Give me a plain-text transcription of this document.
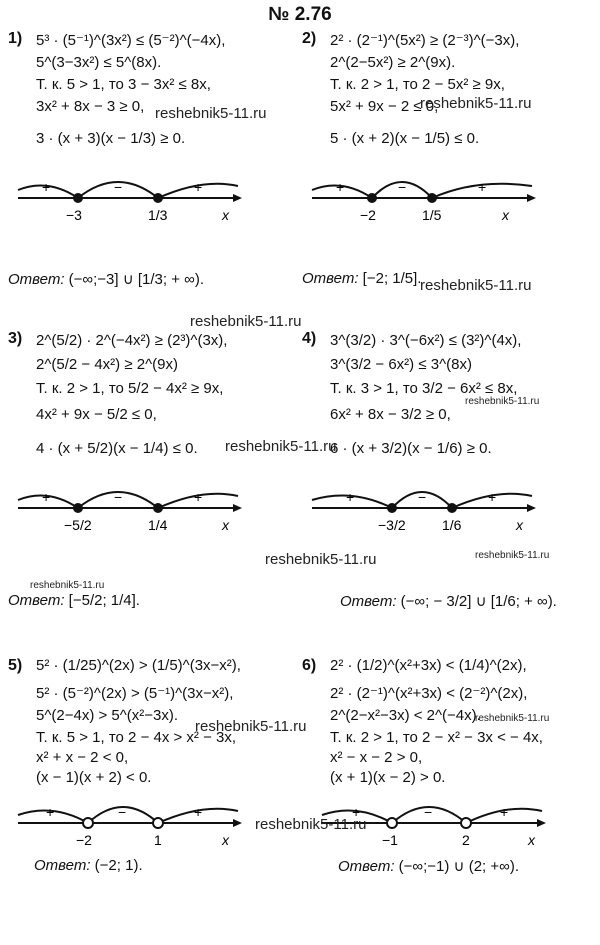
№ 2.76
1) 5³ · (5⁻¹)^(3x²) ≤ (5⁻²)^(−4x),
5^(3−3x²) ≤ 5^(8x).
Т. к. 5 > 1, то 3 − 3x² ≤ 8x,
3x² + 8x − 3 ≥ 0,
3 · (x + 3)(x − 1/3) ≥ 0.
+	−	+
−3	1/3	x
Ответ: (−∞;−3] ∪ [1/3; + ∞).
2) 2² · (2⁻¹)^(5x²) ≥ (2⁻³)^(−3x),
2^(2−5x²) ≥ 2^(9x).
Т. к. 2 > 1, то 2 − 5x² ≥ 9x,
5x² + 9x − 2 ≤ 0,
5 · (x + 2)(x − 1/5) ≤ 0.
+	−	+
−2	1/5	x
Ответ: [−2; 1/5].
3) 2^(5/2) · 2^(−4x²) ≥ (2³)^(3x),
2^(5/2 − 4x²) ≥ 2^(9x)
Т. к. 2 > 1, то 5/2 − 4x² ≥ 9x,
4x² + 9x − 5/2 ≤ 0,
4 · (x + 5/2)(x − 1/4) ≤ 0.
+	−	+
−5/2	1/4	x
Ответ: [−5/2; 1/4].
4) 3^(3/2) · 3^(−6x²) ≤ (3²)^(4x),
3^(3/2 − 6x²) ≤ 3^(8x)
Т. к. 3 > 1, то 3/2 − 6x² ≤ 8x,
6x² + 8x − 3/2 ≥ 0,
6 · (x + 3/2)(x − 1/6) ≥ 0.
+	−	+
−3/2	1/6	x
Ответ: (−∞; − 3/2] ∪ [1/6; + ∞).
5) 5² · (1/25)^(2x) > (1/5)^(3x−x²),
5² · (5⁻²)^(2x) > (5⁻¹)^(3x−x²),
5^(2−4x) > 5^(x²−3x).
Т. к. 5 > 1, то 2 − 4x > x² − 3x,
x² + x − 2 < 0,
(x − 1)(x + 2) < 0.
+	−	+
−2	1	x
Ответ: (−2; 1).
6) 2² · (1/2)^(x²+3x) < (1/4)^(2x),
2² · (2⁻¹)^(x²+3x) < (2⁻²)^(2x),
2^(2−x²−3x) < 2^(−4x).
Т. к. 2 > 1, то 2 − x² − 3x < − 4x,
x² − x − 2 > 0,
(x + 1)(x − 2) > 0.
+	−	+
−1	2	x
Ответ: (−∞;−1) ∪ (2; +∞).
reshebnik5-11.ru
reshebnik5-11.ru
reshebnik5-11.ru
reshebnik5-11.ru
reshebnik5-11.ru
reshebnik5-11.ru
reshebnik5-11.ru
reshebnik5-11.ru
reshebnik5-11.ru
reshebnik5-11.ru	reshebnik5-11.ru
reshebnik5-11.ru
